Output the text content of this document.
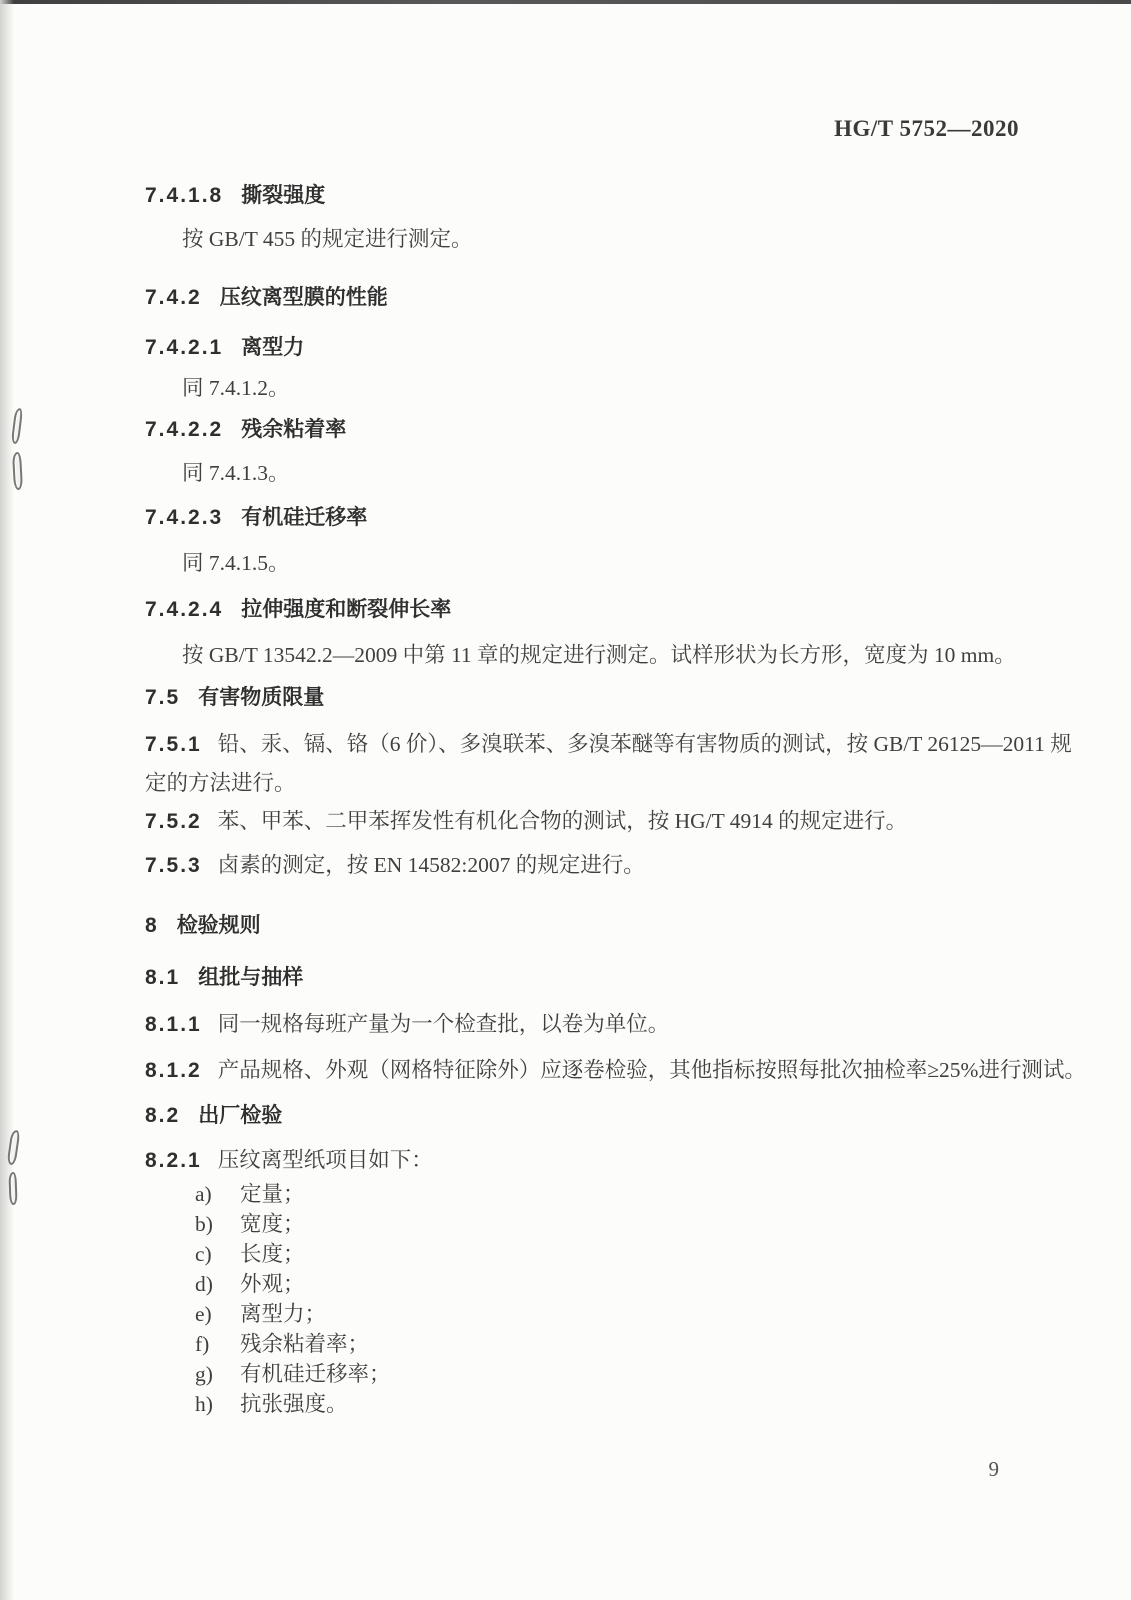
HG/T 5752—2020
7.4.1.8 撕裂强度

按 GB/T 455 的规定进行测定。

7.4.2 压纹离型膜的性能
7.4.2.1 离型力

同 7.4.1.2。

7.4.2.2 残余粘着率

同 7.4.1.3。

7.4.2.3 有机硅迁移率

同 7.4.1.5。

7.4.2.4 拉伸强度和断裂伸长率

按 GB/T 13542.2—2009 中第 11 章的规定进行测定。试样形状为长方形，宽度为 10 mm。

7.5 有害物质限量

7.5.1 铅、汞、镉、铬（6 价）、多溴联苯、多溴苯醚等有害物质的测试，按 GB/T 26125—2011 规
定的方法进行。

7.5.2 苯、甲苯、二甲苯挥发性有机化合物的测试，按 HG/T 4914 的规定进行。

7.5.3 卤素的测定，按 EN 14582:2007 的规定进行。

8 检验规则
8.1 组批与抽样

8.1.1 同一规格每班产量为一个检查批，以卷为单位。

8.1.2 产品规格、外观（网格特征除外）应逐卷检验，其他指标按照每批次抽检率≥25%进行测试。

8.2 出厂检验

8.2.1 压纹离型纸项目如下：

a) 定量；
b) 宽度；
c) 长度；
d) 外观；
e) 离型力；
f) 残余粘着率；
g) 有机硅迁移率；
h) 抗张强度。
9
